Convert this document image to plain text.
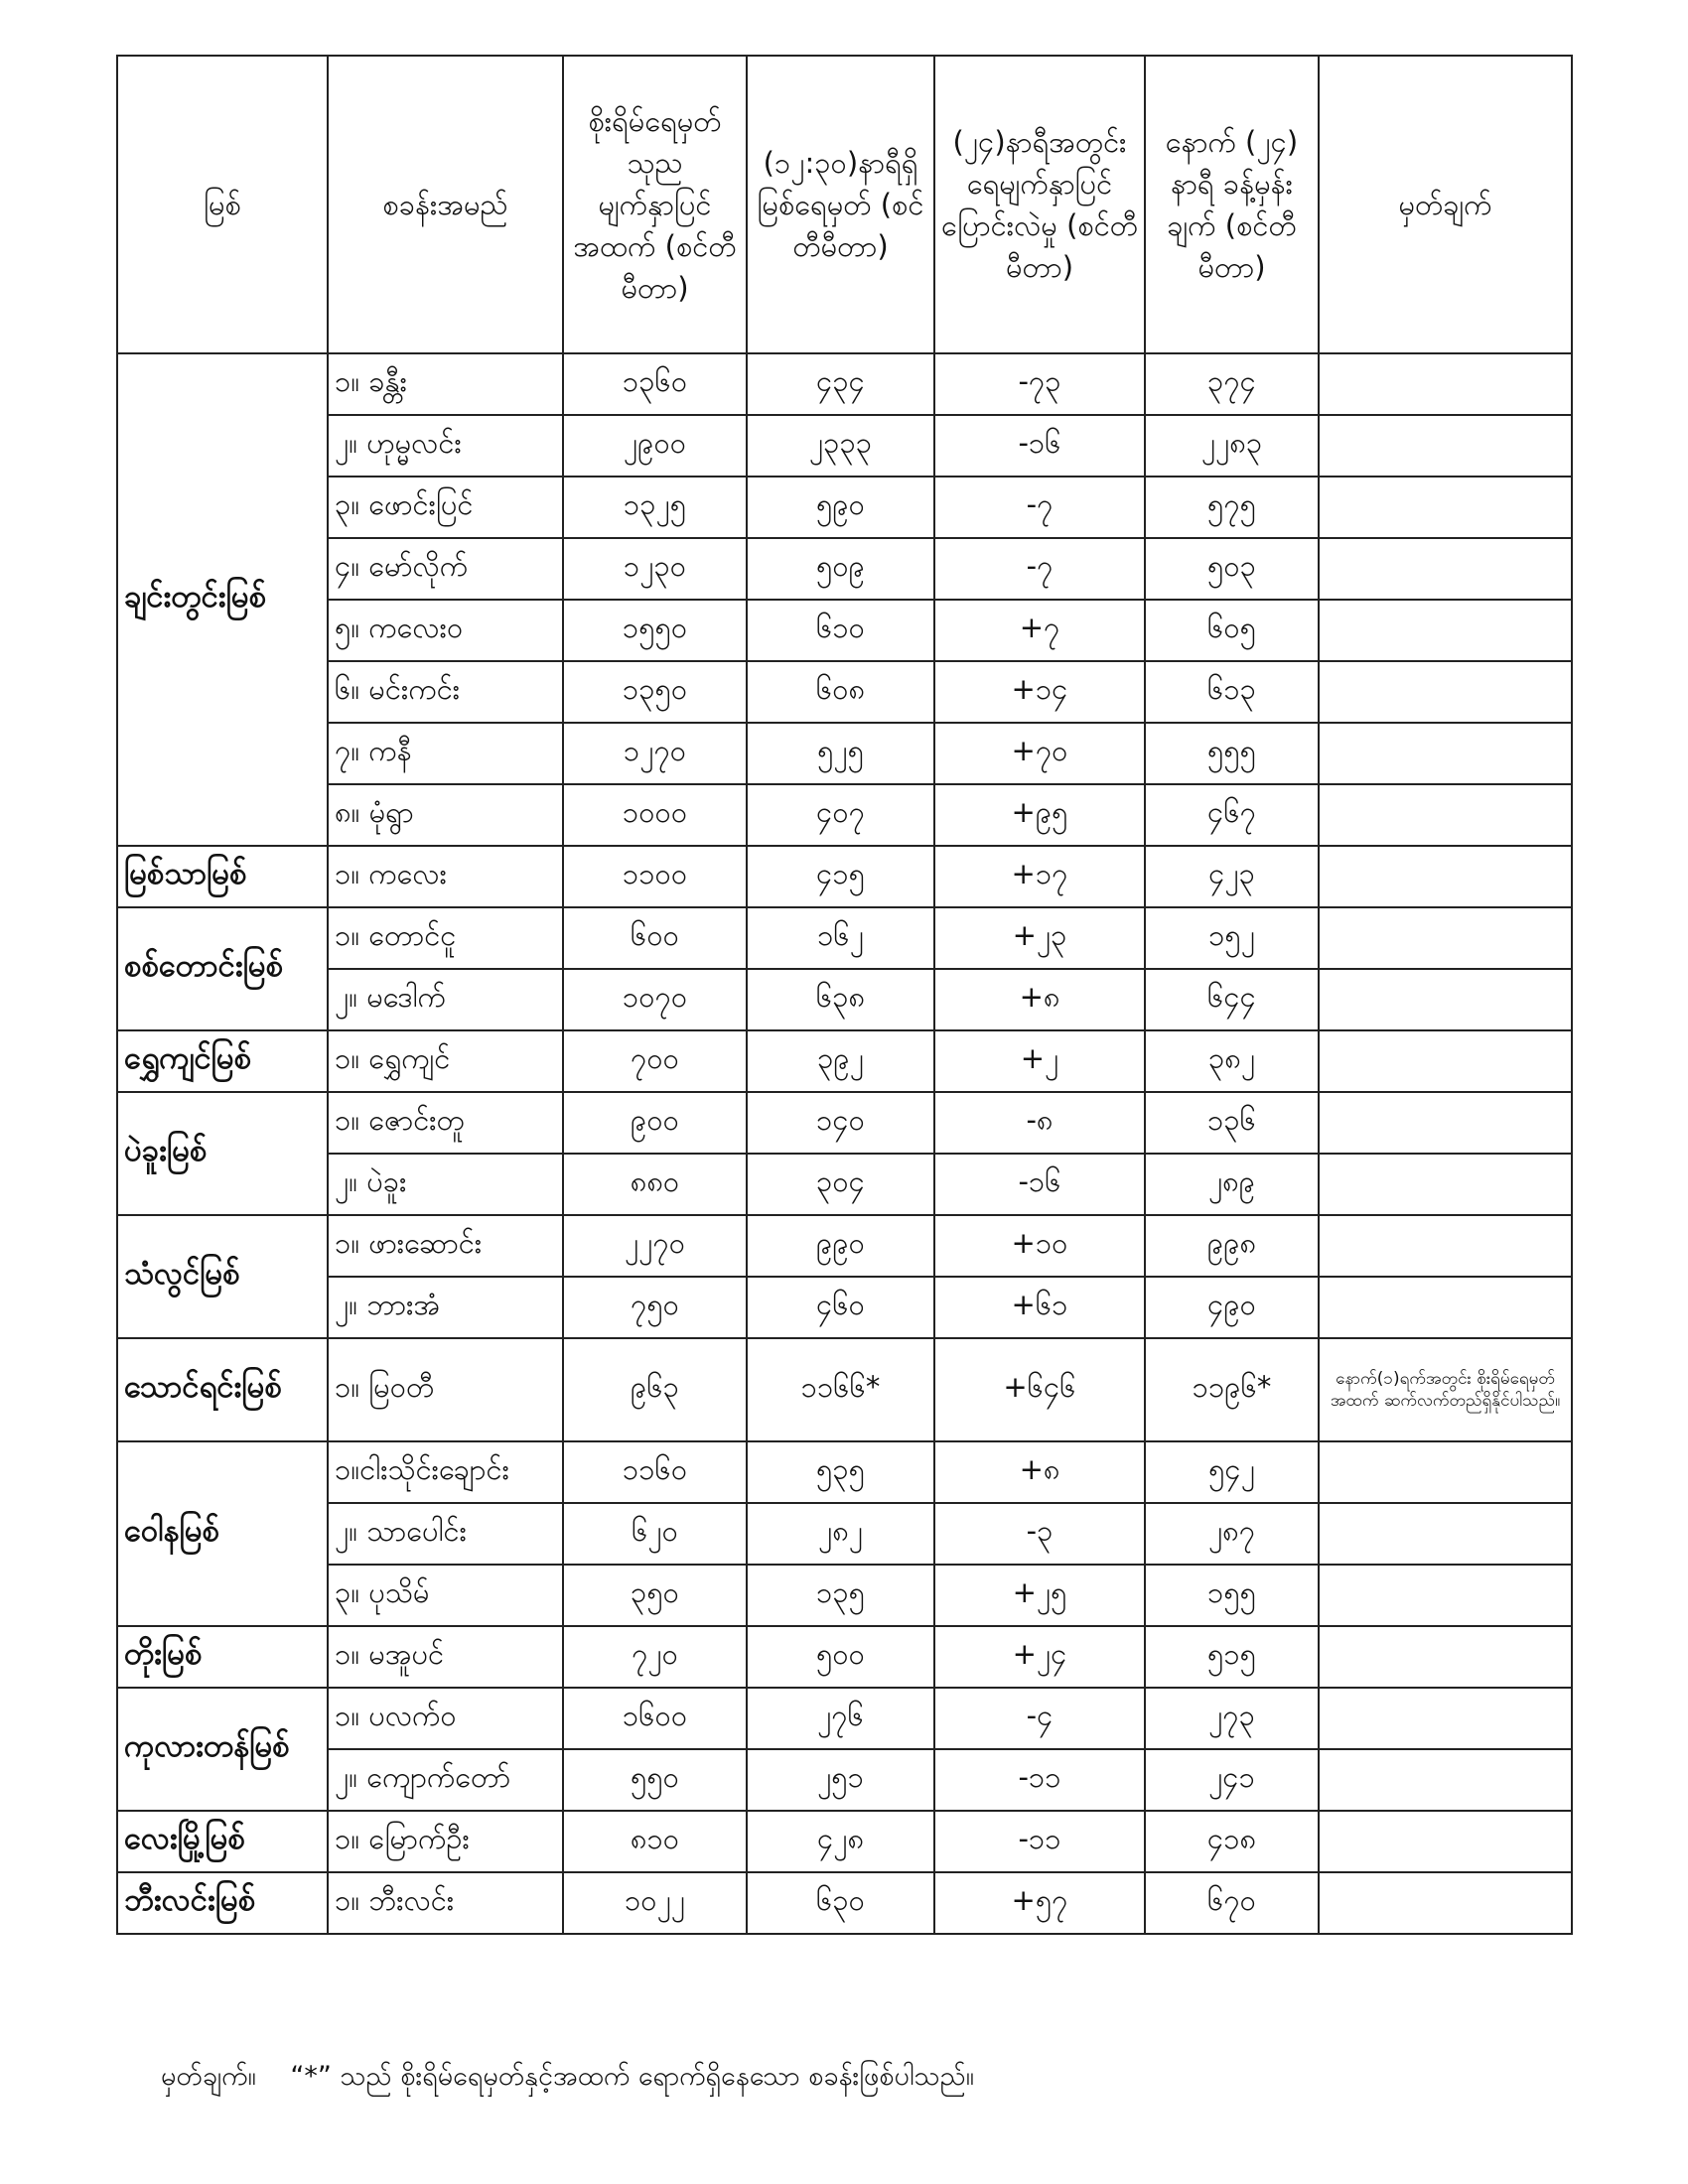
မြစ်	စခန်းအမည်	စိုးရိမ်ရေမှတ် သုည မျက်နှာပြင် အထက် (စင်တီမီတာ)	(၁၂:၃၀)နာရီရှိ မြစ်ရေမှတ် (စင်တီမီတာ)	(၂၄)နာရီအတွင်း ရေမျက်နှာပြင် ပြောင်းလဲမှု (စင်တီမီတာ)	နောက် (၂၄) နာရီ ခန့်မှန်းချက် (စင်တီမီတာ)	မှတ်ချက်
ချင်းတွင်းမြစ်	၁။ ခန္တီး	၁၃၆၀	၄၃၄	-၇၃	၃၇၄	
	၂။ ဟုမ္မလင်း	၂၉၀၀	၂၃၃၃	-၁၆	၂၂၈၃	
	၃။ ဖောင်းပြင်	၁၃၂၅	၅၉၀	-၇	၅၇၅	
	၄။ မော်လိုက်	၁၂၃၀	၅၀၉	-၇	၅၀၃	
	၅။ ကလေးဝ	၁၅၅၀	၆၁၀	+၇	၆၀၅	
	၆။ မင်းကင်း	၁၃၅၀	၆၀၈	+၁၄	၆၁၃	
	၇။ ကနီ	၁၂၇၀	၅၂၅	+၇၀	၅၅၅	
	၈။ မုံရွာ	၁၀၀၀	၄၀၇	+၉၅	၄၆၇	
မြစ်သာမြစ်	၁။ ကလေး	၁၁၀၀	၄၁၅	+၁၇	၄၂၃	
စစ်တောင်းမြစ်	၁။ တောင်ငူ	၆၀၀	၁၆၂	+၂၃	၁၅၂	
	၂။ မဒေါက်	၁၀၇၀	၆၃၈	+၈	၆၄၄	
ရွှေကျင်မြစ်	၁။ ရွှေကျင်	၇၀၀	၃၉၂	+၂	၃၈၂	
ပဲခူးမြစ်	၁။ ဇောင်းတူ	၉၀၀	၁၄၀	-၈	၁၃၆	
	၂။ ပဲခူး	၈၈၀	၃၀၄	-၁၆	၂၈၉	
သံလွင်မြစ်	၁။ ဖားဆောင်း	၂၂၇၀	၉၉၀	+၁၀	၉၉၈	
	၂။ ဘားအံ	၇၅၀	၄၆၀	+၆၁	၄၉၀	
သောင်ရင်းမြစ်	၁။ မြဝတီ	၉၆၃	၁၁၆၆*	+၆၄၆	၁၁၉၆*	နောက်(၁)ရက်အတွင်း စိုးရိမ်ရေမှတ်အထက် ဆက်လက်တည်ရှိနိုင်ပါသည်။
ဝေါနမြစ်	၁။ငါးသိုင်းချောင်း	၁၁၆၀	၅၃၅	+၈	၅၄၂	
	၂။ သာပေါင်း	၆၂၀	၂၈၂	-၃	၂၈၇	
	၃။ ပုသိမ်	၃၅၀	၁၃၅	+၂၅	၁၅၅	
တိုးမြစ်	၁။ မအူပင်	၇၂၀	၅၀၀	+၂၄	၅၁၅	
ကုလားတန်မြစ်	၁။ ပလက်ဝ	၁၆၀၀	၂၇၆	-၄	၂၇၃	
	၂။ ကျောက်တော်	၅၅၀	၂၅၁	-၁၁	၂၄၁	
လေးမြို့မြစ်	၁။ မြောက်ဦး	၈၁၀	၄၂၈	-၁၁	၄၁၈	
ဘီးလင်းမြစ်	၁။ ဘီးလင်း	၁၀၂၂	၆၃၀	+၅၇	၆၇၀	
မှတ်ချက်။ “*” သည် စိုးရိမ်ရေမှတ်နှင့်အထက် ရောက်ရှိနေသော စခန်းဖြစ်ပါသည်။
